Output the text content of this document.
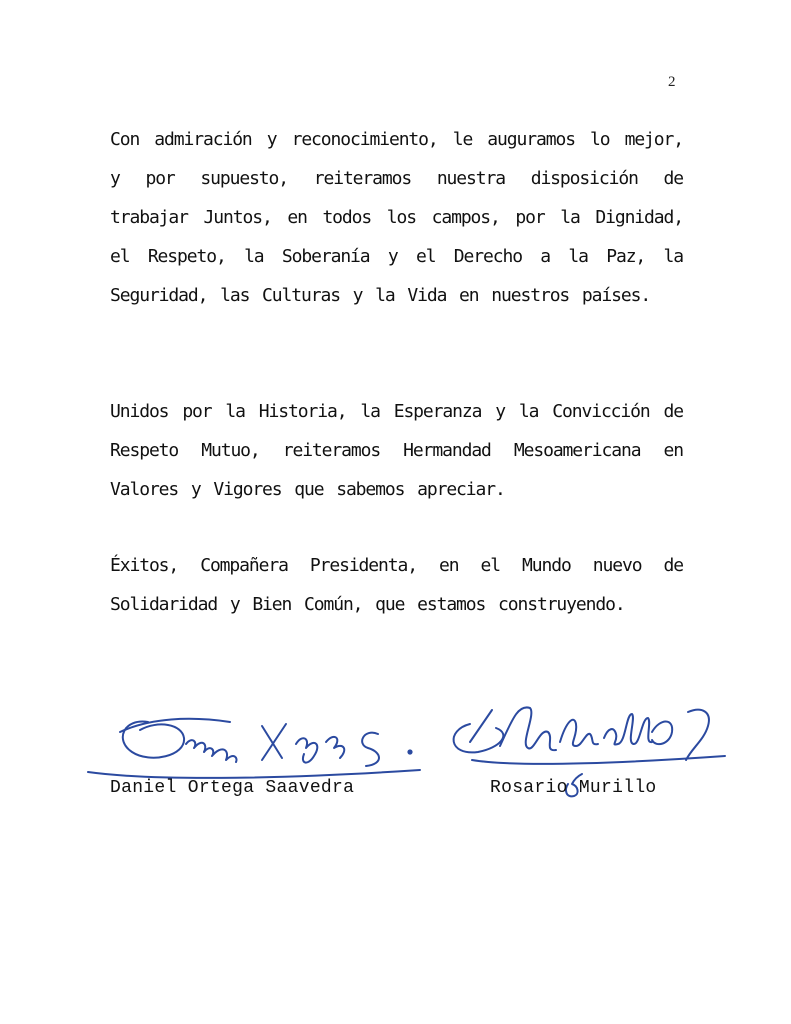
2
Con admiración y reconocimiento, le auguramos lo mejor, y por supuesto, reiteramos nuestra disposición de trabajar Juntos, en todos los campos, por la Dignidad, el Respeto, la Soberanía y el Derecho a la Paz, la Seguridad, las Culturas y la Vida en nuestros países.
Unidos por la Historia, la Esperanza y la Convicción de Respeto Mutuo, reiteramos Hermandad Mesoamericana en Valores y Vigores que sabemos apreciar.
Éxitos, Compañera Presidenta, en el Mundo nuevo de Solidaridad y Bien Común, que estamos construyendo.
Daniel Ortega Saavedra	Rosario Murillo
